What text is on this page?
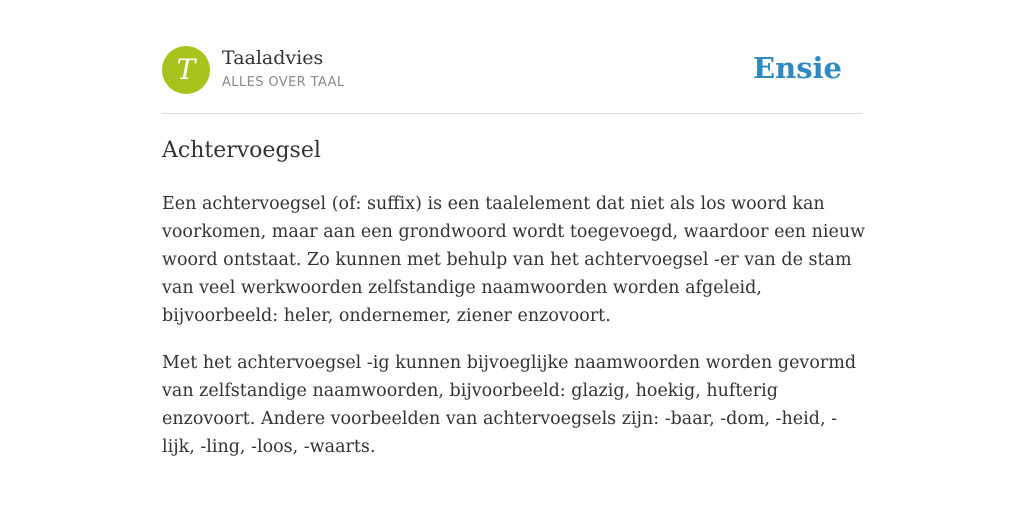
T	Taaladvies
ALLES OVER TAAL	Ensie
Achtervoegsel

Een achtervoegsel (of: suffix) is een taalelement dat niet als los woord kan voorkomen, maar aan een grondwoord wordt toegevoegd, waardoor een nieuw woord ontstaat. Zo kunnen met behulp van het achtervoegsel -er van de stam van veel werkwoorden zelfstandige naamwoorden worden afgeleid, bijvoorbeeld: heler, ondernemer, ziener enzovoort.

Met het achtervoegsel -ig kunnen bijvoeglijke naamwoorden worden gevormd van zelfstandige naamwoorden, bijvoorbeeld: glazig, hoekig, hufterig enzovoort. Andere voorbeelden van achtervoegsels zijn: -baar, -dom, -heid, -lijk, -ling, -loos, -waarts.
